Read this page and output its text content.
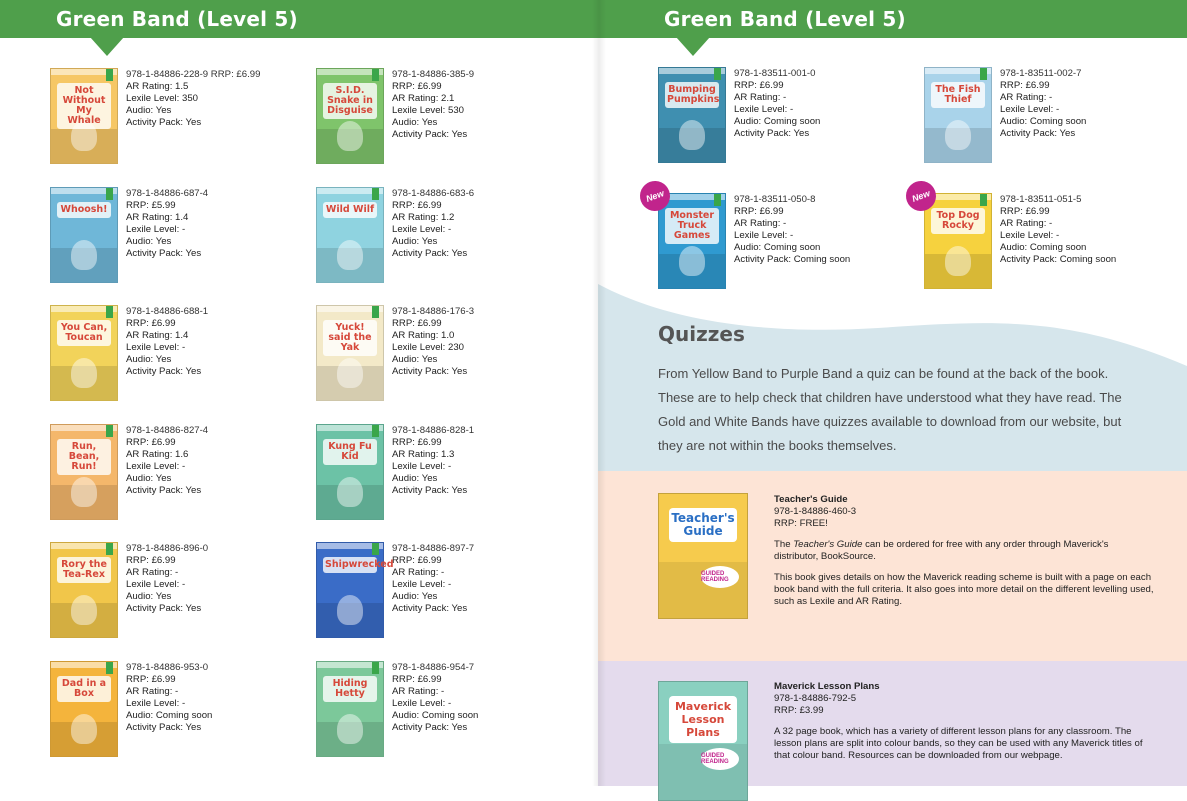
Green Band (Level 5)
Not Without My Whale
978-1-84886-228-9 RRP: £6.99
AR Rating: 1.5
Lexile Level: 350
Audio: Yes
Activity Pack: Yes
S.I.D. Snake in Disguise
978-1-84886-385-9
RRP: £6.99
AR Rating: 2.1
Lexile Level: 530
Audio: Yes
Activity Pack: Yes
Whoosh!
978-1-84886-687-4
RRP: £5.99
AR Rating: 1.4
Lexile Level: -
Audio: Yes
Activity Pack: Yes
Wild Wilf
978-1-84886-683-6
RRP: £6.99
AR Rating: 1.2
Lexile Level: -
Audio: Yes
Activity Pack: Yes
You Can, Toucan
978-1-84886-688-1
RRP: £6.99
AR Rating: 1.4
Lexile Level: -
Audio: Yes
Activity Pack: Yes
Yuck! said the Yak
978-1-84886-176-3
RRP: £6.99
AR Rating: 1.0
Lexile Level: 230
Audio: Yes
Activity Pack: Yes
Run, Bean, Run!
978-1-84886-827-4
RRP: £6.99
AR Rating: 1.6
Lexile Level: -
Audio: Yes
Activity Pack: Yes
Kung Fu Kid
978-1-84886-828-1
RRP: £6.99
AR Rating: 1.3
Lexile Level: -
Audio: Yes
Activity Pack: Yes
Rory the Tea-Rex
978-1-84886-896-0
RRP: £6.99
AR Rating: -
Lexile Level: -
Audio: Yes
Activity Pack: Yes
Shipwrecked
978-1-84886-897-7
RRP: £6.99
AR Rating: -
Lexile Level: -
Audio: Yes
Activity Pack: Yes
Dad in a Box
978-1-84886-953-0
RRP: £6.99
AR Rating: -
Lexile Level: -
Audio: Coming soon
Activity Pack: Yes
Hiding Hetty
978-1-84886-954-7
RRP: £6.99
AR Rating: -
Lexile Level: -
Audio: Coming soon
Activity Pack: Yes
Green Band (Level 5)
Bumping Pumpkins
978-1-83511-001-0
RRP: £6.99
AR Rating: -
Lexile Level: -
Audio: Coming soon
Activity Pack: Yes
The Fish Thief
978-1-83511-002-7
RRP: £6.99
AR Rating: -
Lexile Level: -
Audio: Coming soon
Activity Pack: Yes
New
Monster Truck Games
978-1-83511-050-8
RRP: £6.99
AR Rating: -
Lexile Level: -
Audio: Coming soon
Activity Pack: Coming soon
New
Top Dog Rocky
978-1-83511-051-5
RRP: £6.99
AR Rating: -
Lexile Level: -
Audio: Coming soon
Activity Pack: Coming soon
Quizzes
From Yellow Band to Purple Band a quiz can be found at the back of the book. These are to help check that children have understood what they have read. The Gold and White Bands have quizzes available to download from our website, but they are not within the books themselves.
Teacher's Guide
GUIDED READING
Teacher's Guide
978-1-84886-460-3
RRP: FREE!

The Teacher's Guide can be ordered for free with any order through Maverick's distributor, BookSource.

This book gives details on how the Maverick reading scheme is built with a page on each book band with the full criteria. It also goes into more detail on the different levelling used, such as Lexile and AR Rating.

Maverick Lesson Plans
GUIDED READING
Maverick Lesson Plans
978-1-84886-792-5
RRP: £3.99

A 32 page book, which has a variety of different lesson plans for any classroom. The lesson plans are split into colour bands, so they can be used with any Maverick titles of that colour band. Resources can be downloaded from our webpage.
